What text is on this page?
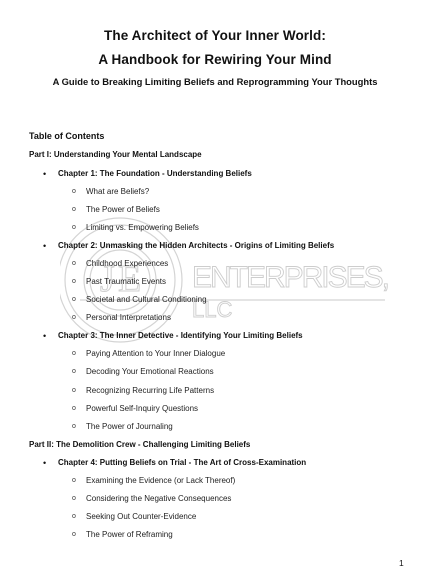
J E ENTERPRISES,
LLC
The Architect of Your Inner World:
A Handbook for Rewiring Your Mind
A Guide to Breaking Limiting Beliefs and Reprogramming Your Thoughts
Table of Contents
Part I: Understanding Your Mental Landscape
• Chapter 1: The Foundation - Understanding Beliefs
o What are Beliefs?
o The Power of Beliefs
o Limiting vs. Empowering Beliefs
• Chapter 2: Unmasking the Hidden Architects - Origins of Limiting Beliefs
o Childhood Experiences
o Past Traumatic Events
o Societal and Cultural Conditioning
o Personal Interpretations
• Chapter 3: The Inner Detective - Identifying Your Limiting Beliefs
o Paying Attention to Your Inner Dialogue
o Decoding Your Emotional Reactions
o Recognizing Recurring Life Patterns
o Powerful Self-Inquiry Questions
o The Power of Journaling
Part II: The Demolition Crew - Challenging Limiting Beliefs
• Chapter 4: Putting Beliefs on Trial - The Art of Cross-Examination
o Examining the Evidence (or Lack Thereof)
o Considering the Negative Consequences
o Seeking Out Counter-Evidence
o The Power of Reframing
1
